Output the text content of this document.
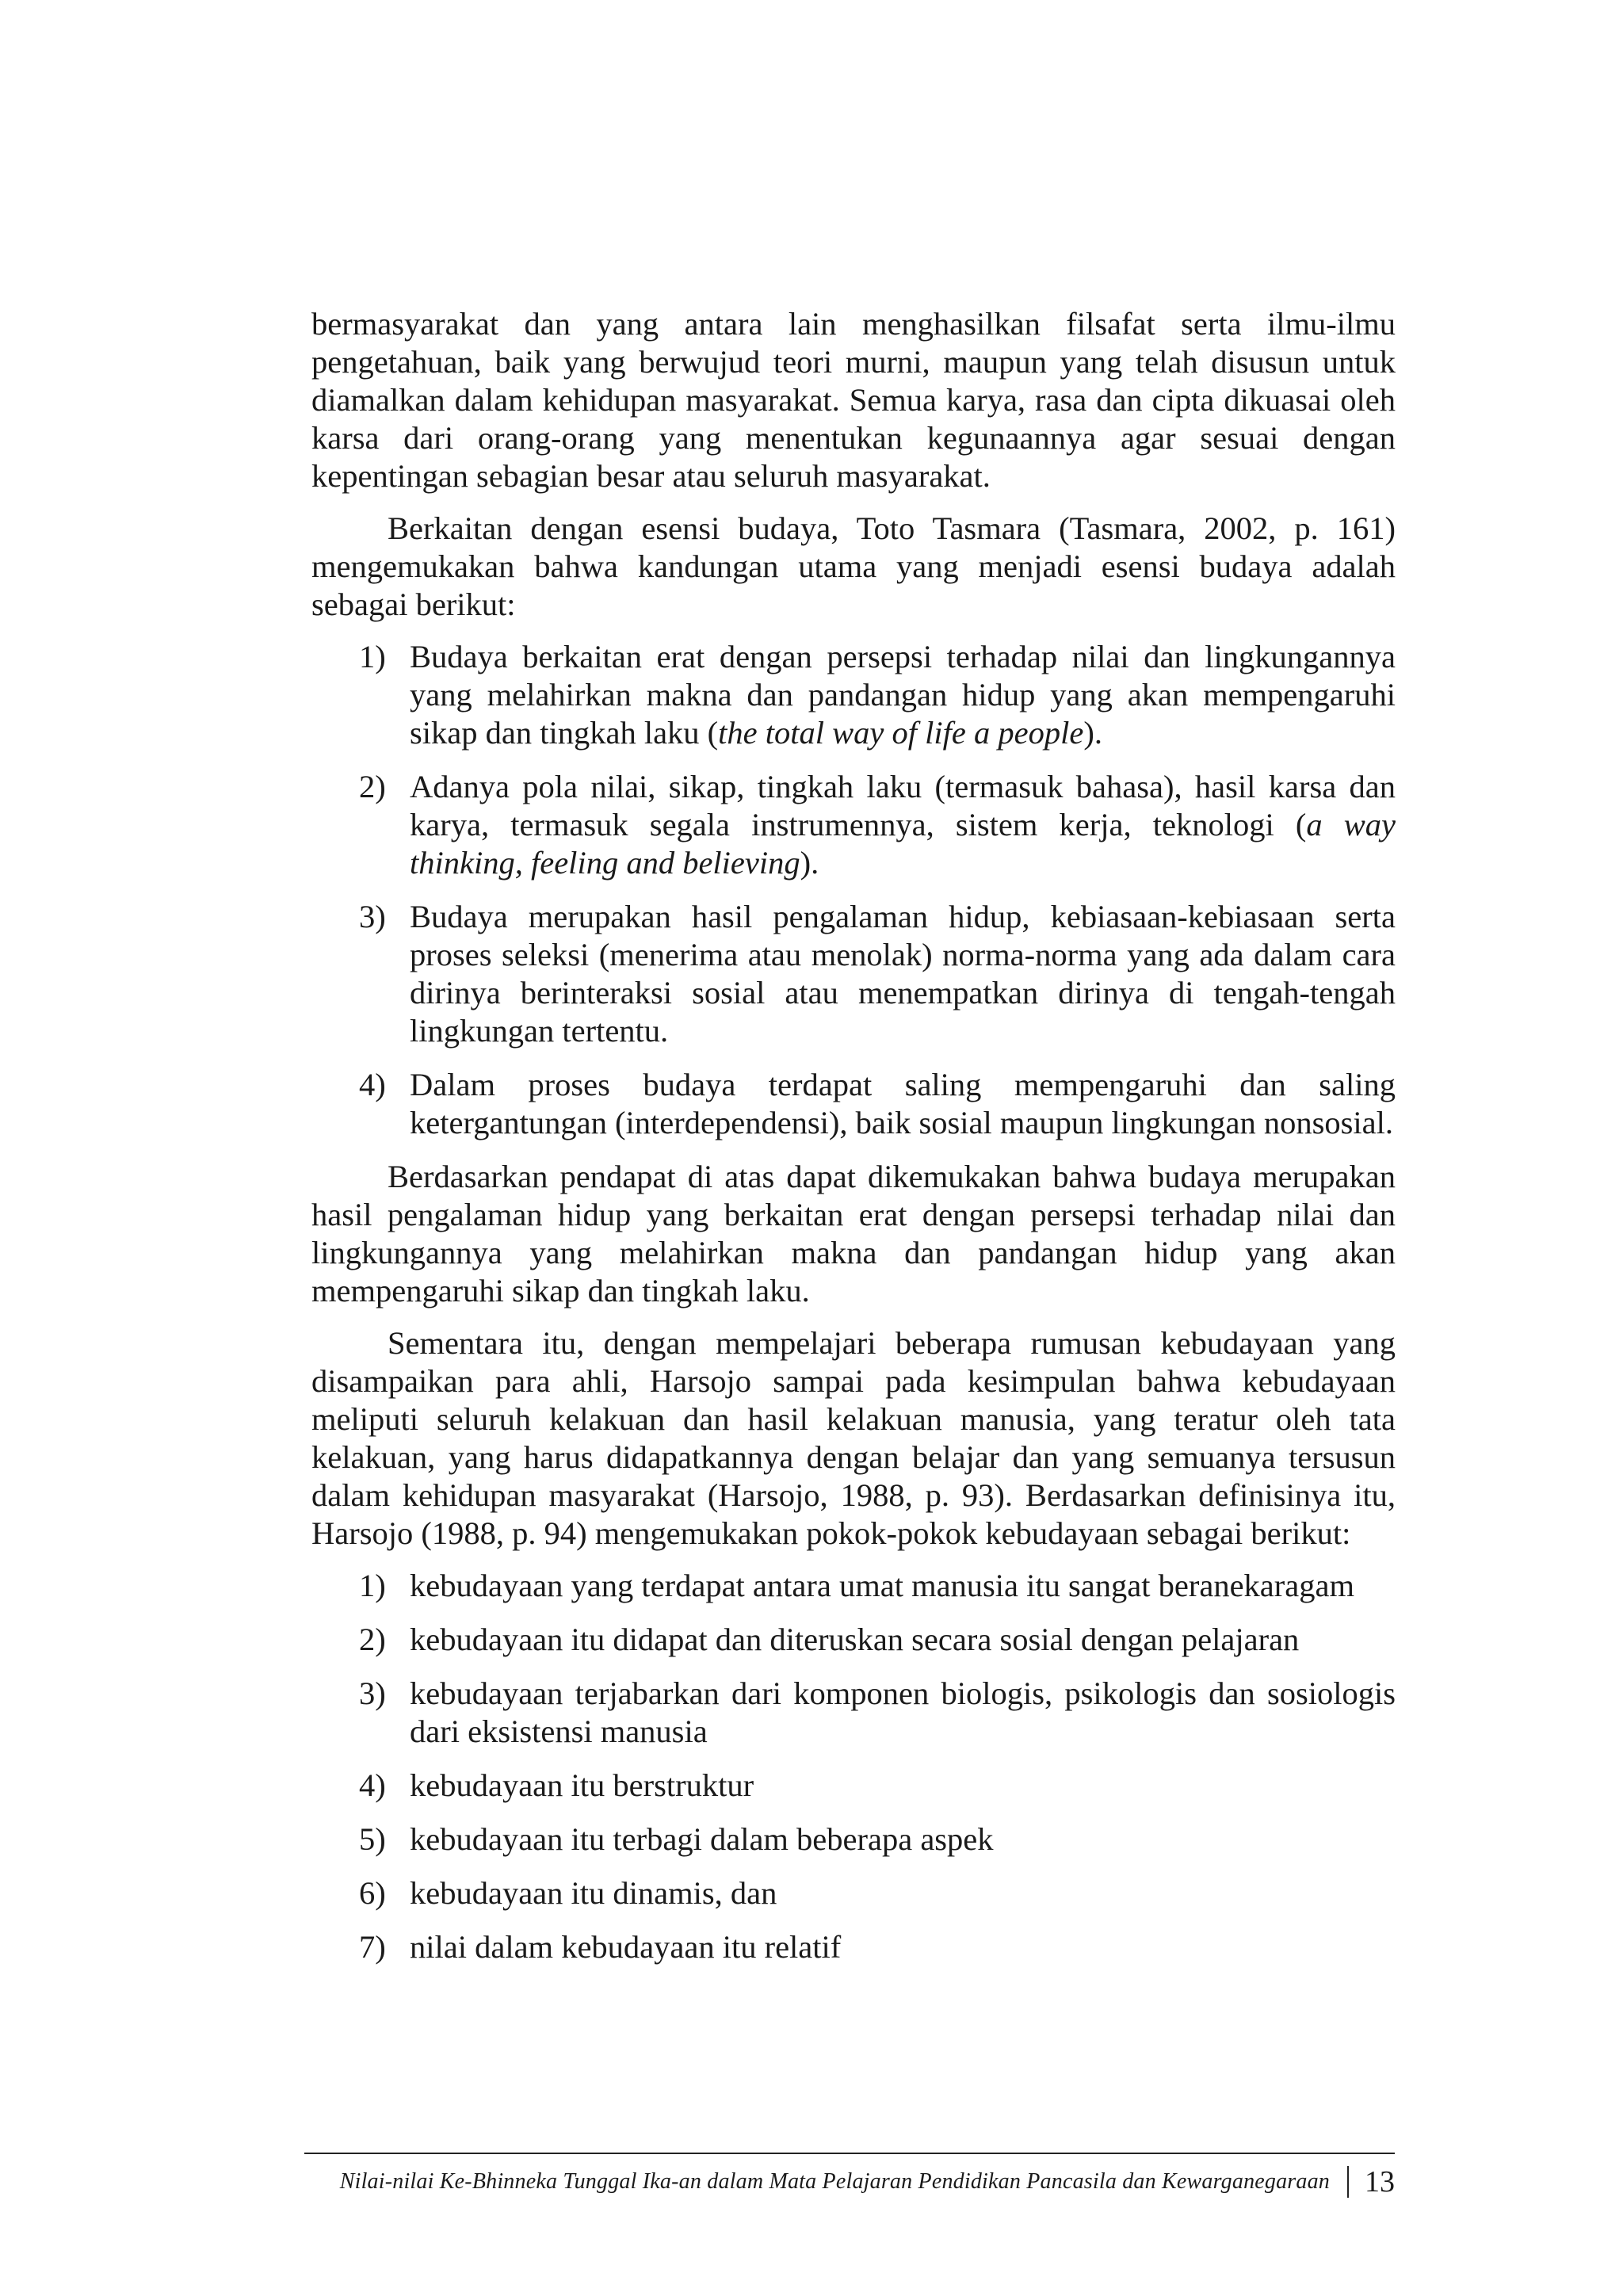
bermasyarakat dan yang antara lain menghasilkan filsafat serta ilmu-ilmu pengetahuan, baik yang berwujud teori murni, maupun yang telah disusun untuk diamalkan dalam kehidupan masyarakat. Semua karya, rasa dan cipta dikuasai oleh karsa dari orang-orang yang menentukan kegunaannya agar sesuai dengan kepentingan sebagian besar atau seluruh masyarakat.

Berkaitan dengan esensi budaya, Toto Tasmara (Tasmara, 2002, p. 161) mengemukakan bahwa kandungan utama yang menjadi esensi budaya adalah sebagai berikut:

1) Budaya berkaitan erat dengan persepsi terhadap nilai dan lingkungannya yang melahirkan makna dan pandangan hidup yang akan mempengaruhi sikap dan tingkah laku (the total way of life a people).
2) Adanya pola nilai, sikap, tingkah laku (termasuk bahasa), hasil karsa dan karya, termasuk segala instrumennya, sistem kerja, teknologi (a way thinking, feeling and believing).
3) Budaya merupakan hasil pengalaman hidup, kebiasaan-kebiasaan serta proses seleksi (menerima atau menolak) norma-norma yang ada dalam cara dirinya berinteraksi sosial atau menempatkan dirinya di tengah-tengah lingkungan tertentu.
4) Dalam proses budaya terdapat saling mempengaruhi dan saling ketergantungan (interdependensi), baik sosial maupun lingkungan nonsosial.

Berdasarkan pendapat di atas dapat dikemukakan bahwa budaya merupakan hasil pengalaman hidup yang berkaitan erat dengan persepsi terhadap nilai dan lingkungannya yang melahirkan makna dan pandangan hidup yang akan mempengaruhi sikap dan tingkah laku.

Sementara itu, dengan mempelajari beberapa rumusan kebudayaan yang disampaikan para ahli, Harsojo sampai pada kesimpulan bahwa kebudayaan meliputi seluruh kelakuan dan hasil kelakuan manusia, yang teratur oleh tata kelakuan, yang harus didapatkannya dengan belajar dan yang semuanya tersusun dalam kehidupan masyarakat (Harsojo, 1988, p. 93). Berdasarkan definisinya itu, Harsojo (1988, p. 94) mengemukakan pokok-pokok kebudayaan sebagai berikut:

1) kebudayaan yang terdapat antara umat manusia itu sangat beranekaragam
2) kebudayaan itu didapat dan diteruskan secara sosial dengan pelajaran
3) kebudayaan terjabarkan dari komponen biologis, psikologis dan sosiologis dari eksistensi manusia
4) kebudayaan itu berstruktur
5) kebudayaan itu terbagi dalam beberapa aspek
6) kebudayaan itu dinamis, dan
7) nilai dalam kebudayaan itu relatif
Nilai-nilai Ke-Bhinneka Tunggal Ika-an dalam Mata Pelajaran Pendidikan Pancasila dan Kewarganegaraan 13
